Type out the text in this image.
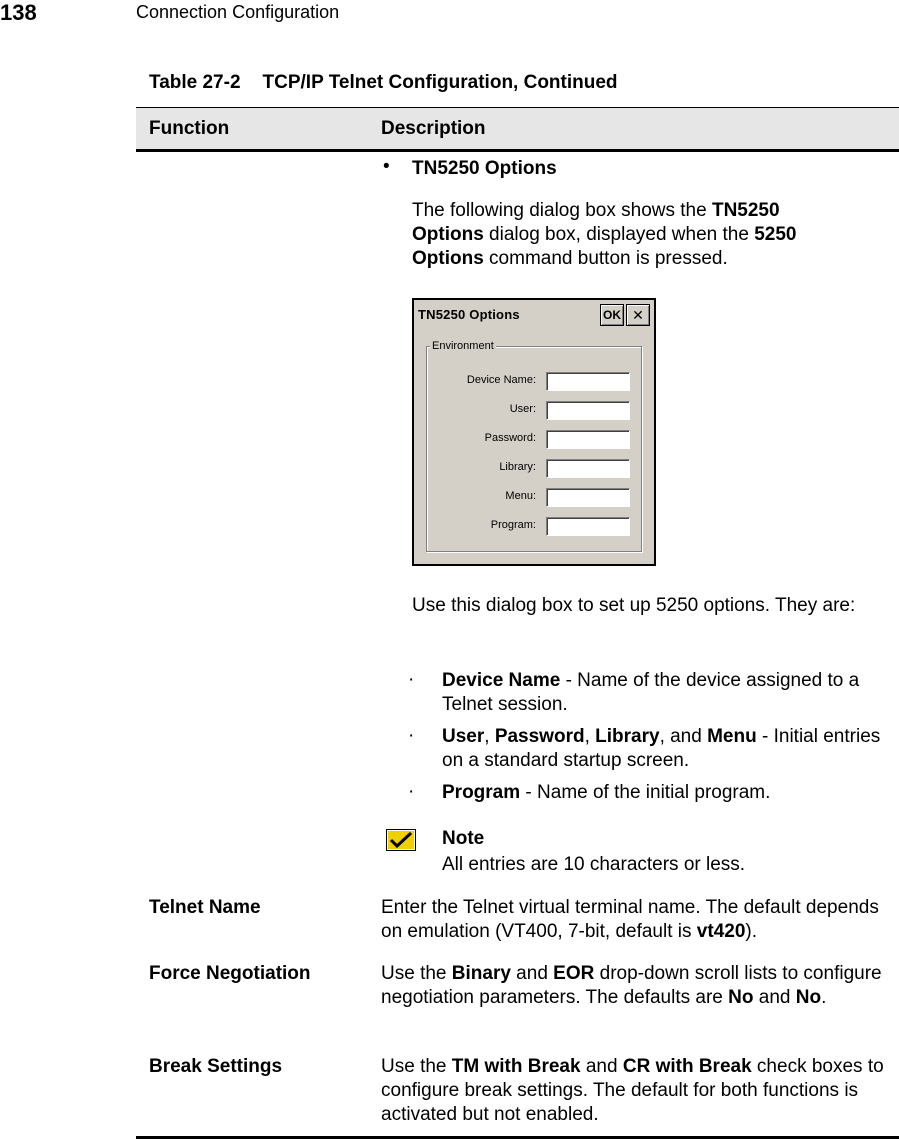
138	Connection Configuration
Table 27-2 TCP/IP Telnet Configuration, Continued
Function	Description
• TN5250 Options
The following dialog box shows the TN5250 Options dialog box, displayed when the 5250 Options command button is pressed.
TN5250 Options	OK ✕
Environment
Device Name:
User:
Password:
Library:
Menu:
Program:
Use this dialog box to set up 5250 options. They are:
· Device Name - Name of the device assigned to a Telnet session.
· User, Password, Library, and Menu - Initial entries on a standard startup screen.
· Program - Name of the initial program.
Note
All entries are 10 characters or less.
Telnet Name	Enter the Telnet virtual terminal name. The default depends on emulation (VT400, 7-bit, default is vt420).
Force Negotiation	Use the Binary and EOR drop-down scroll lists to configure negotiation parameters. The defaults are No and No.
Break Settings	Use the TM with Break and CR with Break check boxes to configure break settings. The default for both functions is activated but not enabled.
